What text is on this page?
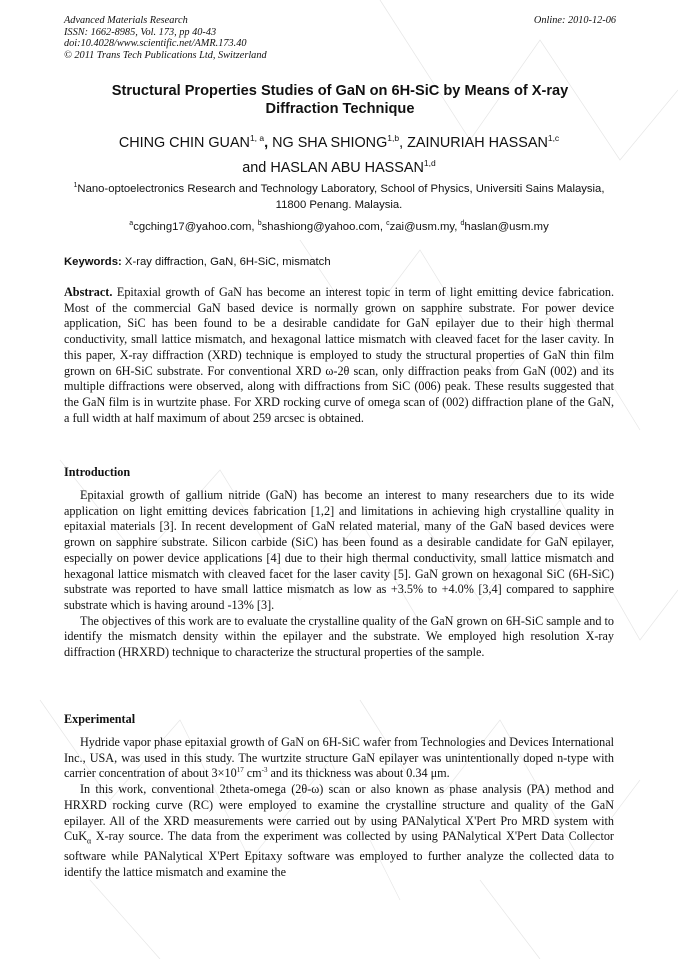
Advanced Materials Research
ISSN: 1662-8985, Vol. 173, pp 40-43
doi:10.4028/www.scientific.net/AMR.173.40
© 2011 Trans Tech Publications Ltd, Switzerland
Online: 2010-12-06
Structural Properties Studies of GaN on 6H-SiC by Means of X-ray Diffraction Technique
CHING CHIN GUAN$^{1, a}$, NG SHA SHIONG$^{1,b}$, ZAINURIAH HASSAN$^{1,c}$
and HASLAN ABU HASSAN$^{1,d}$
$^1$Nano-optoelectronics Research and Technology Laboratory, School of Physics, Universiti Sains Malaysia, 11800 Penang. Malaysia.
$^a$cgching17@yahoo.com, $^b$shashiong@yahoo.com, $^c$zai@usm.my, $^d$haslan@usm.my
Keywords: X-ray diffraction, GaN, 6H-SiC, mismatch

Abstract. Epitaxial growth of GaN has become an interest topic in term of light emitting device fabrication. Most of the commercial GaN based device is normally grown on sapphire substrate. For power device application, SiC has been found to be a desirable candidate for GaN epilayer due to their high thermal conductivity, small lattice mismatch, and hexagonal lattice mismatch with cleaved facet for the laser cavity. In this paper, X-ray diffraction (XRD) technique is employed to study the structural properties of GaN thin film grown on 6H-SiC substrate. For conventional XRD ω-2θ scan, only diffraction peaks from GaN (002) and its multiple diffractions were observed, along with diffractions from SiC (006) peak. These results suggested that the GaN film is in wurtzite phase. For XRD rocking curve of omega scan of (002) diffraction plane of the GaN, a full width at half maximum of about 259 arcsec is obtained.

Introduction

Epitaxial growth of gallium nitride (GaN) has become an interest to many researchers due to its wide application on light emitting devices fabrication [1,2] and limitations in achieving high crystalline quality in epitaxial materials [3]. In recent development of GaN related material, many of the GaN based devices were grown on sapphire substrate. Silicon carbide (SiC) has been found as a desirable candidate for GaN epilayer, especially on power device applications [4] due to their high thermal conductivity, small lattice mismatch and hexagonal lattice mismatch with cleaved facet for the laser cavity [5]. GaN grown on hexagonal SiC (6H-SiC) substrate was reported to have small lattice mismatch as low as +3.5% to +4.0% [3,4] compared to sapphire substrate which is having around -13% [3].

The objectives of this work are to evaluate the crystalline quality of the GaN grown on 6H-SiC sample and to identify the mismatch density within the epilayer and the substrate. We employed high resolution X-ray diffraction (HRXRD) technique to characterize the structural properties of the sample.

Experimental

Hydride vapor phase epitaxial growth of GaN on 6H-SiC wafer from Technologies and Devices International Inc., USA, was used in this study. The wurtzite structure GaN epilayer was unintentionally doped n-type with carrier concentration of about $3\times 10^{17}$ $cm^{-3}$ and its thickness was about 0.34 μm.

In this work, conventional 2theta-omega (2θ-ω) scan or also known as phase analysis (PA) method and HRXRD rocking curve (RC) were employed to examine the crystalline structure and quality of the GaN epilayer. All of the XRD measurements were carried out by using PANalytical X'Pert Pro MRD system with CuK$_\alpha$ X-ray source. The data from the experiment was collected by using PANalytical X'Pert Data Collector software while PANalytical X'Pert Epitaxy software was employed to further analyze the collected data to identify the lattice mismatch and examine the
